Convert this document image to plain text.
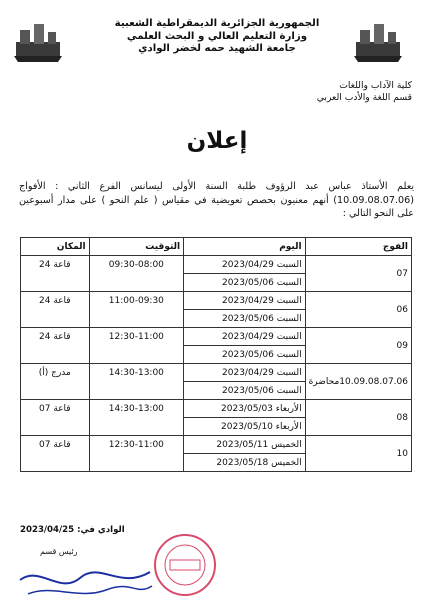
الجمهورية الجزائرية الديمقراطية الشعبية
وزارة التعليم العالي و البحث العلمي
جامعة الشهيد حمه لخضر الوادي
كلية الآداب واللغات
قسم اللغة والأدب العربي
إعلان
يعلم الأستاذ عباس عبد الرؤوف طلبة السنة الأولى ليسانس الفرع الثاني : الأفواج (10.09.08.07.06) أنهم معنيون بحصص تعويضية في مقياس ( علم النحو ) على مدار أسبوعين على النحو التالي :
الفوج	اليوم	التوقيت	المكان
07	السبت 2023/04/29	09:30-08:00	قاعة 24
	السبت 2023/05/06		
06	السبت 2023/04/29	11:00-09:30	قاعة 24
	السبت 2023/05/06		
09	السبت 2023/04/29	12:30-11:00	قاعة 24
	السبت 2023/05/06		
10.09.08.07.06محاضرة	السبت 2023/04/29	14:30-13:00	مدرج (أ)
	السبت 2023/05/06		
08	الأربعاء 2023/05/03	14:30-13:00	قاعة 07
	الأربعاء 2023/05/10		
10	الخميس 2023/05/11	12:30-11:00	قاعة 07
	الخميس 2023/05/18		
الوادي في: 2023/04/25
رئيس قسم
